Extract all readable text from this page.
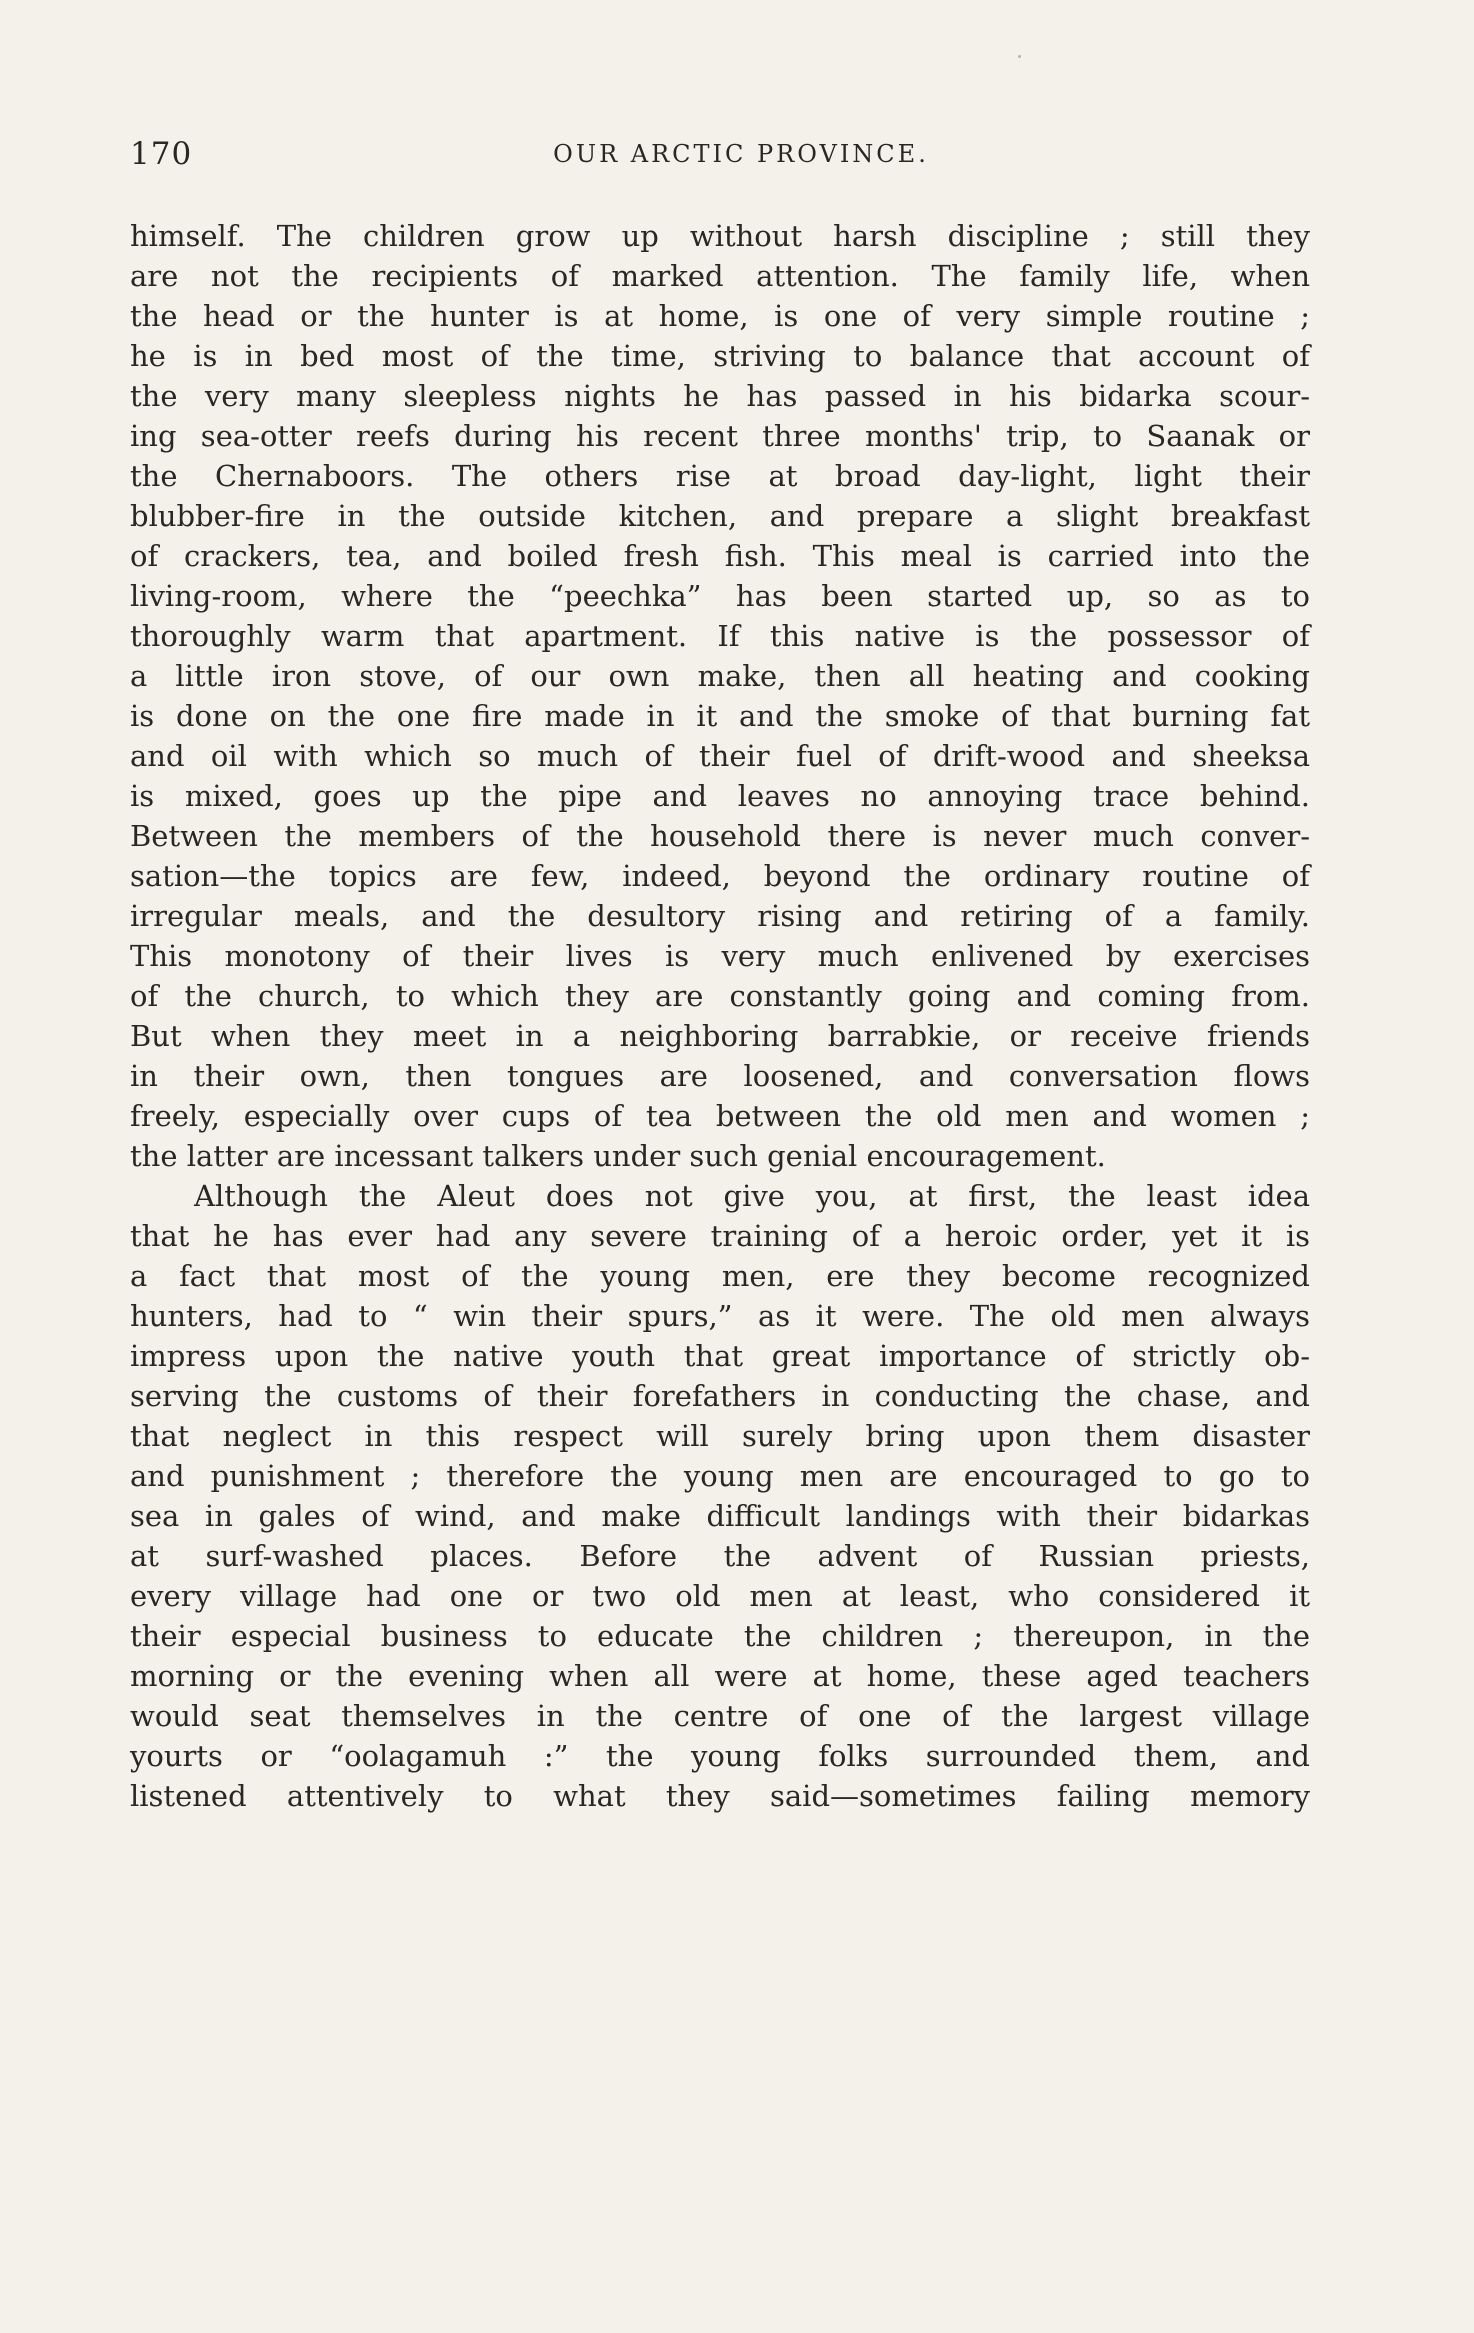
170	OUR ARCTIC PROVINCE.
himself. The children grow up without harsh discipline ; still they
are not the recipients of marked attention. The family life, when
the head or the hunter is at home, is one of very simple routine ;
he is in bed most of the time, striving to balance that account of
the very many sleepless nights he has passed in his bidarka scour-
ing sea-otter reefs during his recent three months' trip, to Saanak or
the Chernaboors. The others rise at broad day-light, light their
blubber-fire in the outside kitchen, and prepare a slight breakfast
of crackers, tea, and boiled fresh fish. This meal is carried into the
living-room, where the “peechka” has been started up, so as to
thoroughly warm that apartment. If this native is the possessor of
a little iron stove, of our own make, then all heating and cooking
is done on the one fire made in it and the smoke of that burning fat
and oil with which so much of their fuel of drift-wood and sheeksa
is mixed, goes up the pipe and leaves no annoying trace behind.
Between the members of the household there is never much conver-
sation—the topics are few, indeed, beyond the ordinary routine of
irregular meals, and the desultory rising and retiring of a family.
This monotony of their lives is very much enlivened by exercises
of the church, to which they are constantly going and coming from.
But when they meet in a neighboring barrabkie, or receive friends
in their own, then tongues are loosened, and conversation flows
freely, especially over cups of tea between the old men and women ;
the latter are incessant talkers under such genial encouragement.
Although the Aleut does not give you, at first, the least idea
that he has ever had any severe training of a heroic order, yet it is
a fact that most of the young men, ere they become recognized
hunters, had to “ win their spurs,” as it were. The old men always
impress upon the native youth that great importance of strictly ob-
serving the customs of their forefathers in conducting the chase, and
that neglect in this respect will surely bring upon them disaster
and punishment ; therefore the young men are encouraged to go to
sea in gales of wind, and make difficult landings with their bidarkas
at surf-washed places. Before the advent of Russian priests,
every village had one or two old men at least, who considered it
their especial business to educate the children ; thereupon, in the
morning or the evening when all were at home, these aged teachers
would seat themselves in the centre of one of the largest village
yourts or “oolagamuh :” the young folks surrounded them, and
listened attentively to what they said—sometimes failing memory
